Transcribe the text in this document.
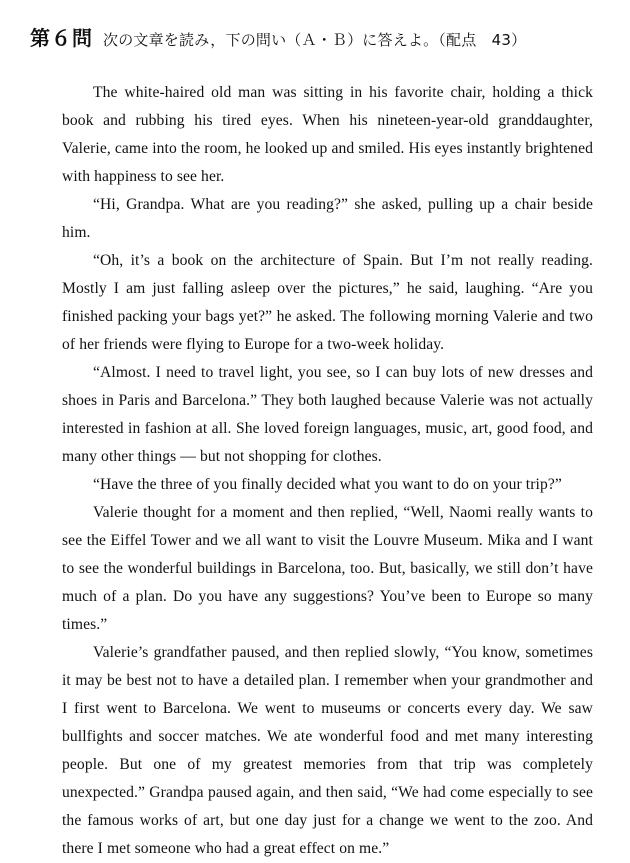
第６問 次の文章を読み，下の問い（Ａ・Ｂ）に答えよ。（配点　43）

The white-haired old man was sitting in his favorite chair, holding a thick book and rubbing his tired eyes. When his nineteen-year-old granddaughter, Valerie, came into the room, he looked up and smiled. His eyes instantly brightened with happiness to see her.

“Hi, Grandpa. What are you reading?” she asked, pulling up a chair beside him.

“Oh, it’s a book on the architecture of Spain. But I’m not really reading. Mostly I am just falling asleep over the pictures,” he said, laughing. “Are you finished packing your bags yet?” he asked. The following morning Valerie and two of her friends were flying to Europe for a two-week holiday.

“Almost. I need to travel light, you see, so I can buy lots of new dresses and shoes in Paris and Barcelona.” They both laughed because Valerie was not actually interested in fashion at all. She loved foreign languages, music, art, good food, and many other things — but not shopping for clothes.

“Have the three of you finally decided what you want to do on your trip?”

Valerie thought for a moment and then replied, “Well, Naomi really wants to see the Eiffel Tower and we all want to visit the Louvre Museum. Mika and I want to see the wonderful buildings in Barcelona, too. But, basically, we still don’t have much of a plan. Do you have any suggestions? You’ve been to Europe so many times.”

Valerie’s grandfather paused, and then replied slowly, “You know, sometimes it may be best not to have a detailed plan. I remember when your grandmother and I first went to Barcelona. We went to museums or concerts every day. We saw bullfights and soccer matches. We ate wonderful food and met many interesting people. But one of my greatest memories from that trip was completely unexpected.” Grandpa paused again, and then said, “We had come especially to see the famous works of art, but one day just for a change we went to the zoo. And there I met someone who had a great effect on me.”
